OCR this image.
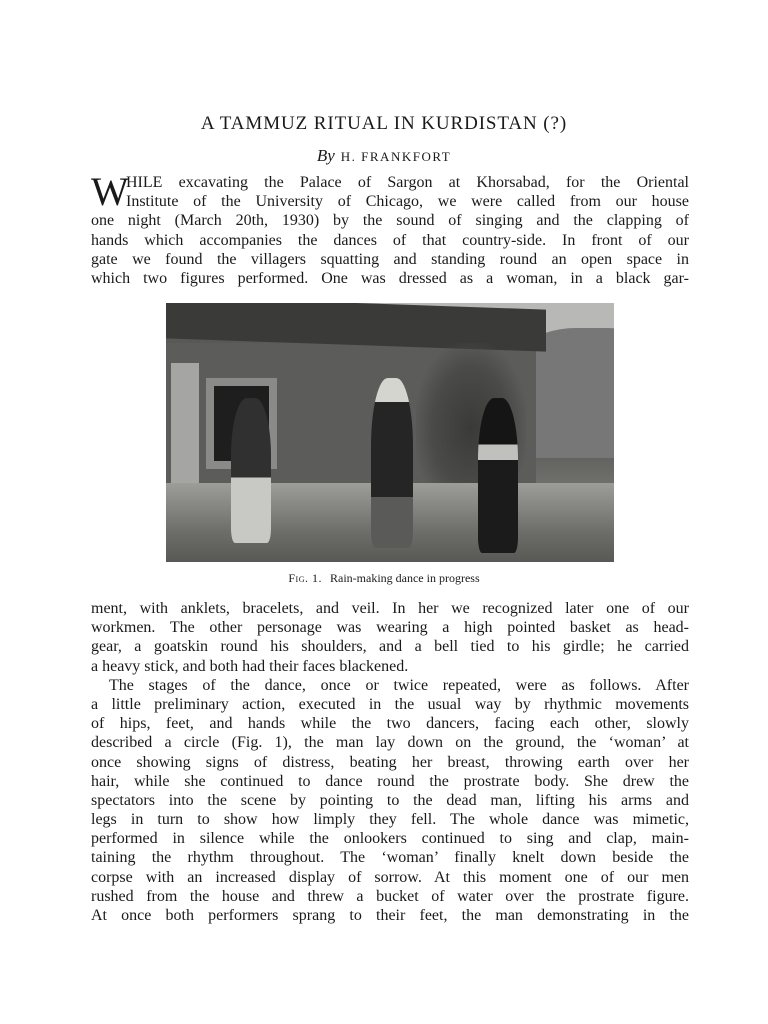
A TAMMUZ RITUAL IN KURDISTAN (?)
By H. FRANKFORT
W
HILE excavating the Palace of Sargon at Khorsabad, for the Oriental
Institute of the University of Chicago, we were called from our house
one night (March 20th, 1930) by the sound of singing and the clapping of
hands which accompanies the dances of that country-side. In front of our
gate we found the villagers squatting and standing round an open space in
which two figures performed. One was dressed as a woman, in a black gar-
Fig. 1. Rain-making dance in progress
ment, with anklets, bracelets, and veil. In her we recognized later one of our
workmen. The other personage was wearing a high pointed basket as head-
gear, a goatskin round his shoulders, and a bell tied to his girdle; he carried
a heavy stick, and both had their faces blackened.
The stages of the dance, once or twice repeated, were as follows. After
a little preliminary action, executed in the usual way by rhythmic movements
of hips, feet, and hands while the two dancers, facing each other, slowly
described a circle (Fig. 1), the man lay down on the ground, the ‘woman’ at
once showing signs of distress, beating her breast, throwing earth over her
hair, while she continued to dance round the prostrate body. She drew the
spectators into the scene by pointing to the dead man, lifting his arms and
legs in turn to show how limply they fell. The whole dance was mimetic,
performed in silence while the onlookers continued to sing and clap, main-
taining the rhythm throughout. The ‘woman’ finally knelt down beside the
corpse with an increased display of sorrow. At this moment one of our men
rushed from the house and threw a bucket of water over the prostrate figure.
At once both performers sprang to their feet, the man demonstrating in the
